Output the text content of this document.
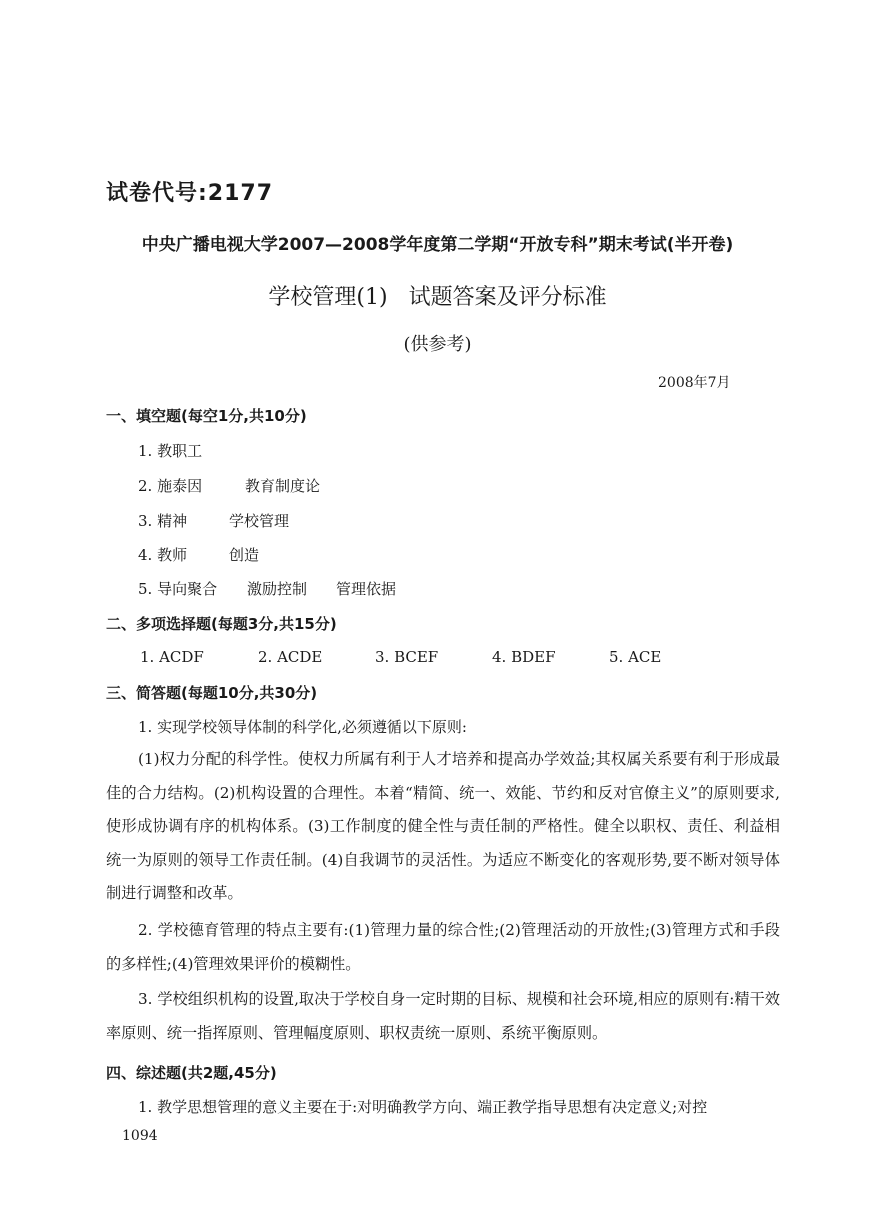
试卷代号:2177
中央广播电视大学2007—2008学年度第二学期“开放专科”期末考试(半开卷)
学校管理(1)   试题答案及评分标准
(供参考)
2008年7月
一、填空题(每空1分,共10分)
1. 教职工
2. 施泰因	教育制度论
3. 精神	学校管理
4. 教师	创造
5. 导向聚合 激励控制 管理依据
二、多项选择题(每题3分,共15分)
1. ACDF	2. ACDE	3. BCEF	4. BDEF	5. ACE
三、简答题(每题10分,共30分)
1. 实现学校领导体制的科学化,必须遵循以下原则:
(1)权力分配的科学性。使权力所属有利于人才培养和提高办学效益;其权属关系要有利于形成最佳的合力结构。(2)机构设置的合理性。本着“精简、统一、效能、节约和反对官僚主义”的原则要求,使形成协调有序的机构体系。(3)工作制度的健全性与责任制的严格性。健全以职权、责任、利益相统一为原则的领导工作责任制。(4)自我调节的灵活性。为适应不断变化的客观形势,要不断对领导体制进行调整和改革。
2. 学校德育管理的特点主要有:(1)管理力量的综合性;(2)管理活动的开放性;(3)管理方式和手段的多样性;(4)管理效果评价的模糊性。
3. 学校组织机构的设置,取决于学校自身一定时期的目标、规模和社会环境,相应的原则有:精干效率原则、统一指挥原则、管理幅度原则、职权责统一原则、系统平衡原则。
四、综述题(共2题,45分)
1. 教学思想管理的意义主要在于:对明确教学方向、端正教学指导思想有决定意义;对控
1094
